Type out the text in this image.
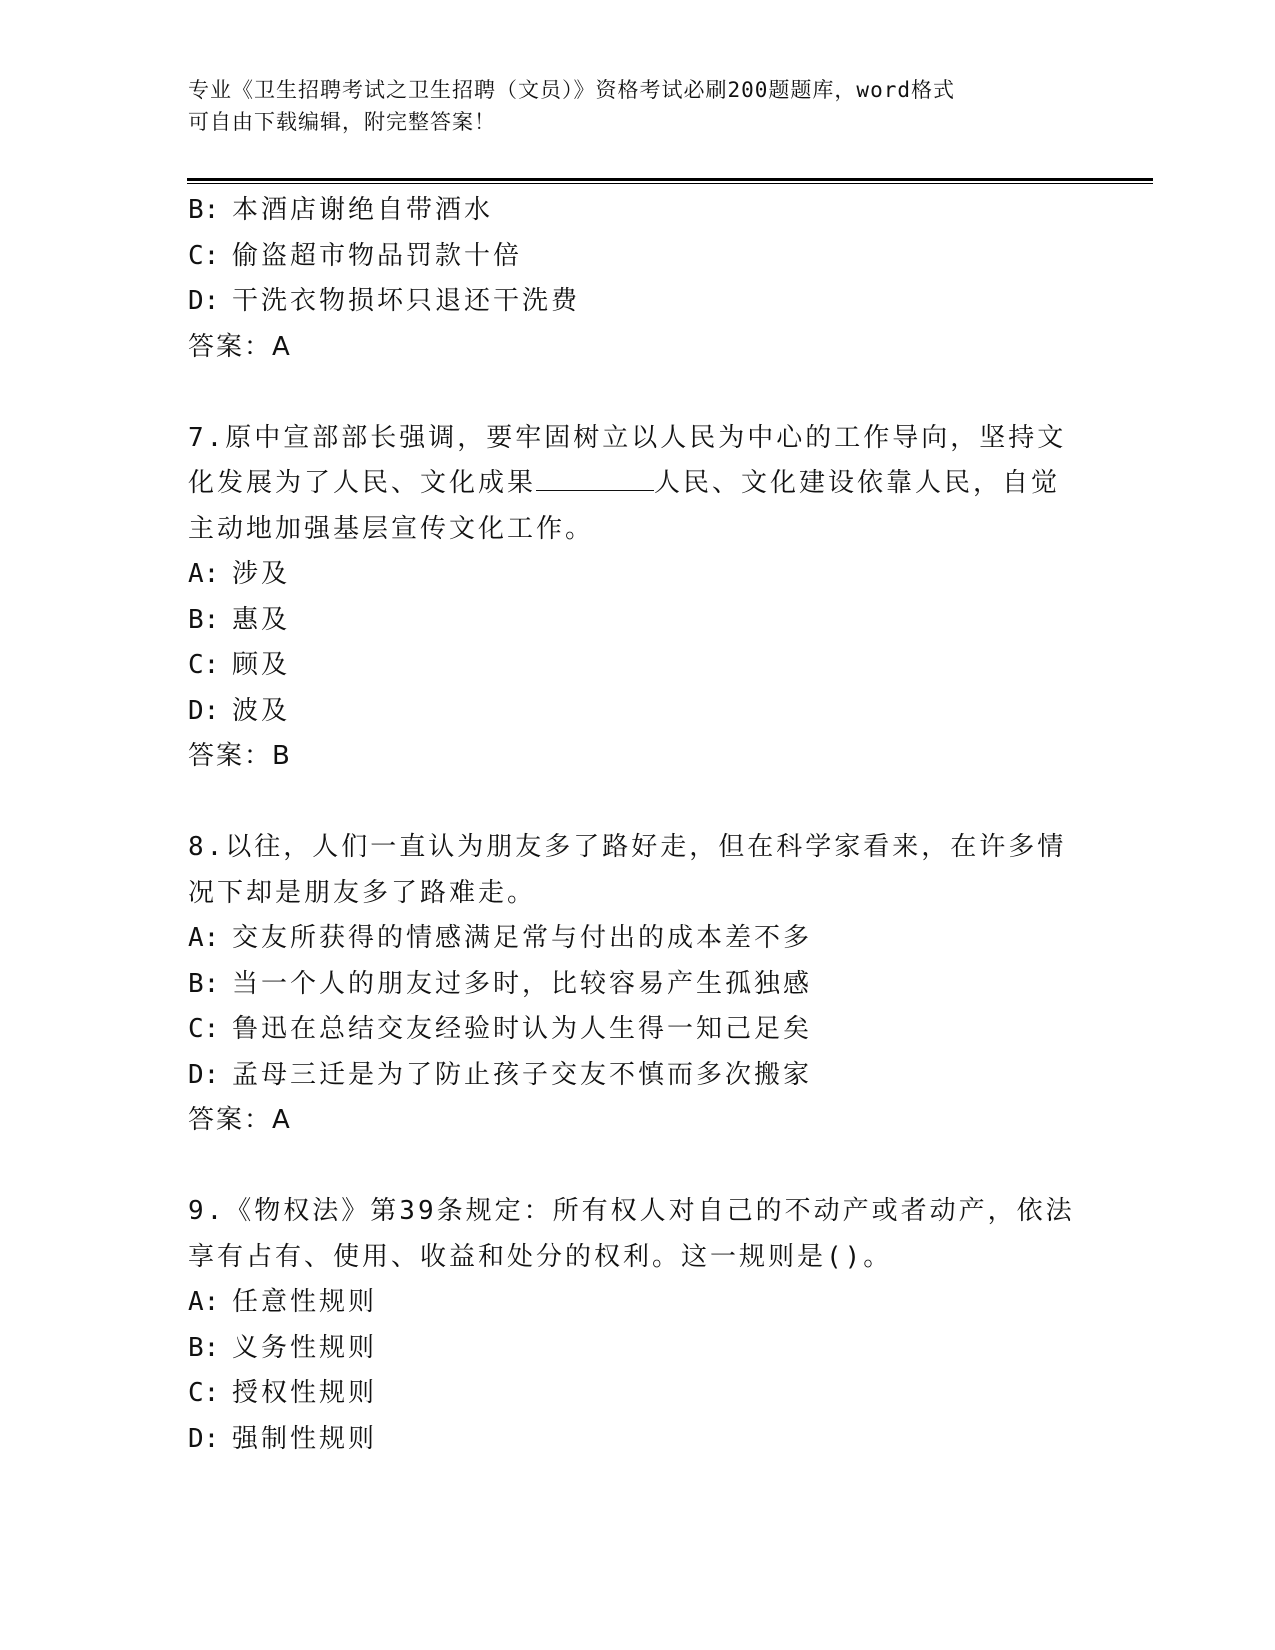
专业《卫生招聘考试之卫生招聘（文员）》资格考试必刷200题题库，word格式
可自由下载编辑，附完整答案！
B: 本酒店谢绝自带酒水
C: 偷盗超市物品罚款十倍
D: 干洗衣物损坏只退还干洗费
答案：A
7.原中宣部部长强调，要牢固树立以人民为中心的工作导向，坚持文
化发展为了人民、文化成果	人民、文化建设依靠人民，自觉
主动地加强基层宣传文化工作。
A: 涉及
B: 惠及
C: 顾及
D: 波及
答案：B
8.以往，人们一直认为朋友多了路好走，但在科学家看来，在许多情
况下却是朋友多了路难走。
A: 交友所获得的情感满足常与付出的成本差不多
B: 当一个人的朋友过多时，比较容易产生孤独感
C: 鲁迅在总结交友经验时认为人生得一知己足矣
D: 孟母三迁是为了防止孩子交友不慎而多次搬家
答案：A
9.《物权法》第39条规定：所有权人对自己的不动产或者动产，依法
享有占有、使用、收益和处分的权利。这一规则是()。
A: 任意性规则
B: 义务性规则
C: 授权性规则
D: 强制性规则
